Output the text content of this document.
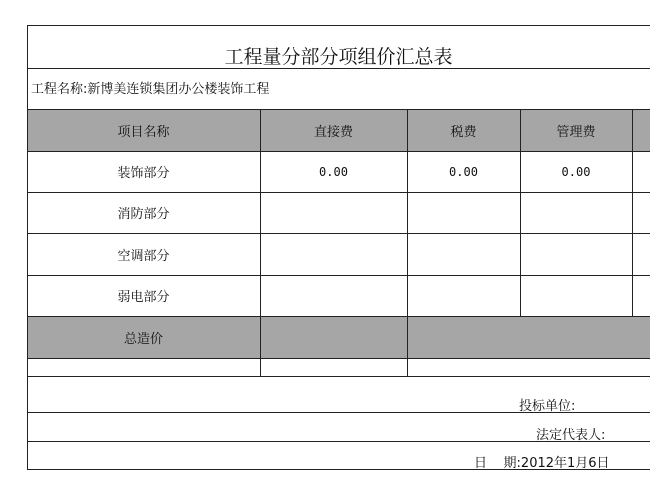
工程量分部分项组价汇总表
工程名称:新博美连锁集团办公楼装饰工程
项目名称	直接费	税费	管理费
装饰部分	0.00	0.00	0.00
消防部分
空调部分
弱电部分
总造价
投标单位:
法定代表人:
日    期:2012年1月6日
